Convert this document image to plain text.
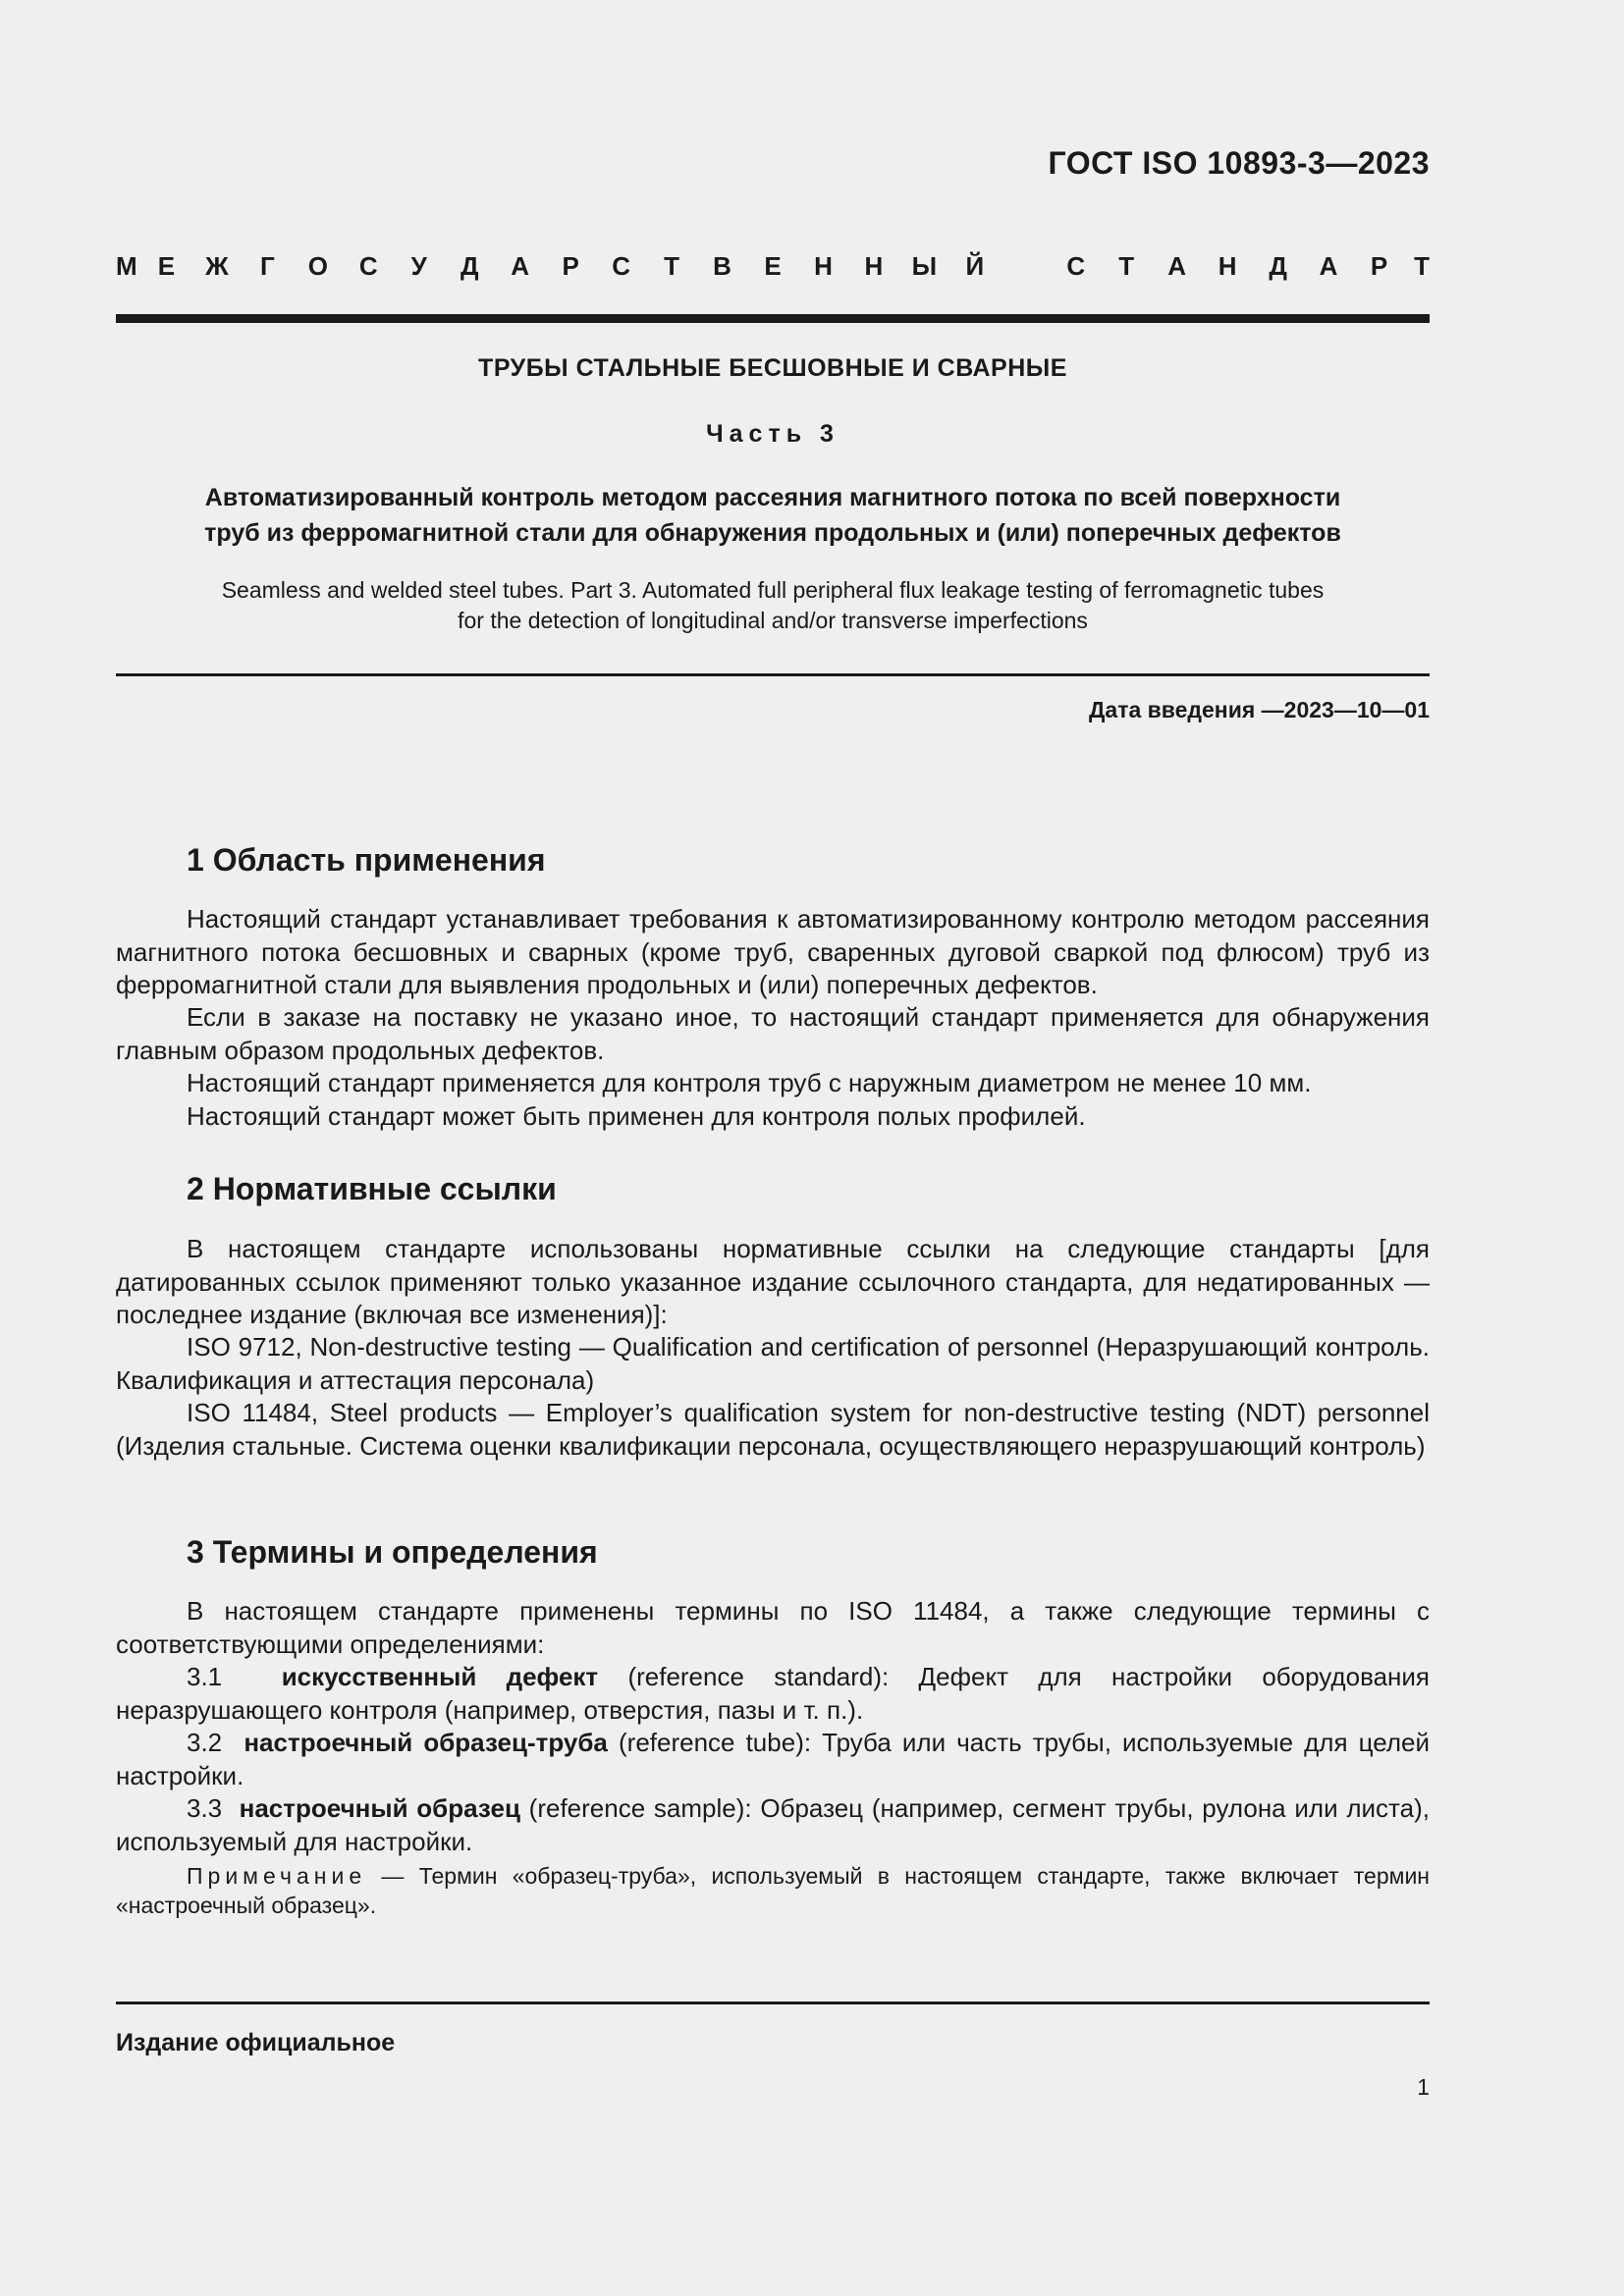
ГОСТ ISO 10893-3—2023
М Е Ж Г О С У Д А Р С Т В Е Н Н Ы Й	С Т А Н Д А Р Т
ТРУБЫ СТАЛЬНЫЕ БЕСШОВНЫЕ И СВАРНЫЕ
Часть 3
Автоматизированный контроль методом рассеяния магнитного потока по всей поверхности
труб из ферромагнитной стали для обнаружения продольных и (или) поперечных дефектов
Seamless and welded steel tubes. Part 3. Automated full peripheral flux leakage testing of ferromagnetic tubes
for the detection of longitudinal and/or transverse imperfections
Дата введения —2023—10—01
1 Область применения

Настоящий стандарт устанавливает требования к автоматизированному контролю методом рассеяния магнитного потока бесшовных и сварных (кроме труб, сваренных дуговой сваркой под флюсом) труб из ферромагнитной стали для выявления продольных и (или) поперечных дефектов.

Если в заказе на поставку не указано иное, то настоящий стандарт применяется для обнаружения главным образом продольных дефектов.

Настоящий стандарт применяется для контроля труб с наружным диаметром не менее 10 мм.

Настоящий стандарт может быть применен для контроля полых профилей.

2 Нормативные ссылки

В настоящем стандарте использованы нормативные ссылки на следующие стандарты [для датированных ссылок применяют только указанное издание ссылочного стандарта, для недатированных — последнее издание (включая все изменения)]:

ISO 9712, Non-destructive testing — Qualification and certification of personnel (Неразрушающий контроль. Квалификация и аттестация персонала)

ISO 11484, Steel products — Employer’s qualification system for non-destructive testing (NDT) personnel (Изделия стальные. Система оценки квалификации персонала, осуществляющего неразрушающий контроль)

3 Термины и определения

В настоящем стандарте применены термины по ISO 11484, а также следующие термины с соответствующими определениями:

3.1 искусственный дефект (reference standard): Дефект для настройки оборудования неразрушающего контроля (например, отверстия, пазы и т. п.).

3.2 настроечный образец-труба (reference tube): Труба или часть трубы, используемые для целей настройки.

3.3 настроечный образец (reference sample): Образец (например, сегмент трубы, рулона или листа), используемый для настройки.

Примечание — Термин «образец-труба», используемый в настоящем стандарте, также включает термин «настроечный образец».

Издание официальное
1
